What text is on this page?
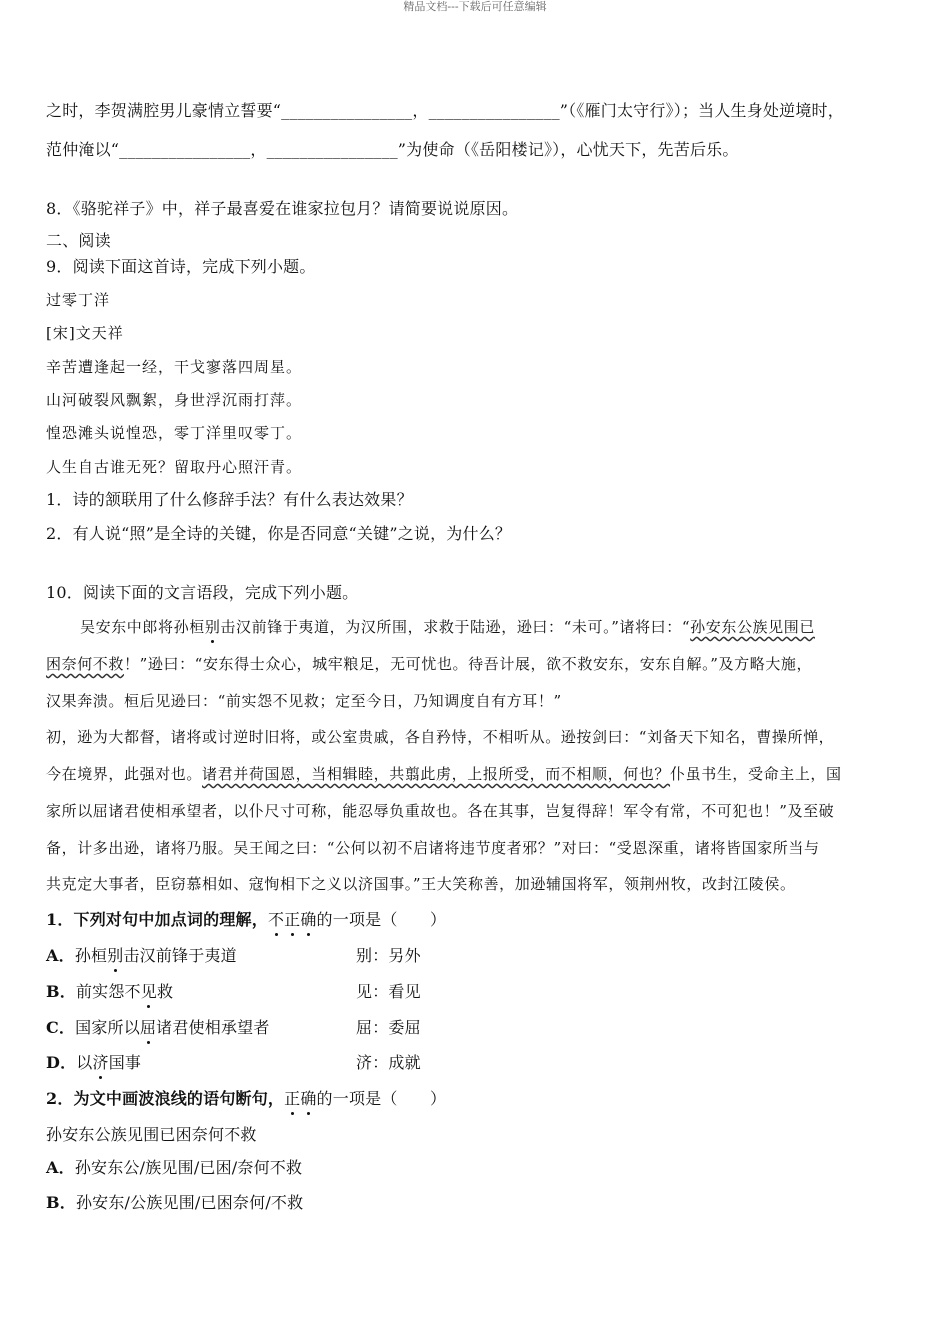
精品文档---下载后可任意编辑
之时，李贺满腔男儿豪情立誓要“________________，________________”（《雁门太守行》）；当人生身处逆境时，
范仲淹以“________________，________________”为使命（《岳阳楼记》），心忧天下，先苦后乐。
8．《骆驼祥子》中，祥子最喜爱在谁家拉包月？请简要说说原因。
二、阅读
9．阅读下面这首诗，完成下列小题。
过零丁洋
[宋]文天祥
辛苦遭逢起一经，干戈寥落四周星。
山河破裂风飘絮，身世浮沉雨打萍。
惶恐滩头说惶恐，零丁洋里叹零丁。
人生自古谁无死？留取丹心照汗青。
1．诗的颔联用了什么修辞手法？有什么表达效果？
2．有人说“照”是全诗的关键，你是否同意“关键”之说，为什么？
10．阅读下面的文言语段，完成下列小题。
吴安东中郎将孙桓别击汉前锋于夷道，为汉所围，求救于陆逊，逊曰：“未可。”诸将曰：“孙安东公族见围已
困奈何不救！”逊曰：“安东得士众心，城牢粮足，无可忧也。待吾计展，欲不救安东，安东自解。”及方略大施，
汉果奔溃。桓后见逊曰：“前实怨不见救；定至今日，乃知调度自有方耳！”
初，逊为大都督，诸将或讨逆时旧将，或公室贵戚，各自矜恃，不相听从。逊按剑曰：“刘备天下知名，曹操所惮，
今在境界，此强对也。诸君并荷国恩，当相辑睦，共翦此虏，上报所受，而不相顺，何也？仆虽书生，受命主上，国
家所以屈诸君使相承望者，以仆尺寸可称，能忍辱负重故也。各在其事，岂复得辞！军令有常，不可犯也！”及至破
备，计多出逊，诸将乃服。吴王闻之曰：“公何以初不启诸将违节度者邪？”对曰：“受恩深重，诸将皆国家所当与
共克定大事者，臣窃慕相如、寇恂相下之义以济国事。”王大笑称善，加逊辅国将军，领荆州牧，改封江陵侯。
1．下列对句中加点词的理解，不正确的一项是（　　）
A．孙桓别击汉前锋于夷道	别：另外
B．前实怨不见救	见：看见
C．国家所以屈诸君使相承望者	屈：委屈
D．以济国事	济：成就
2．为文中画波浪线的语句断句，正确的一项是（　　）
孙安东公族见围已困奈何不救
A．孙安东公/族见围/已困/奈何不救
B．孙安东/公族见围/已困奈何/不救
